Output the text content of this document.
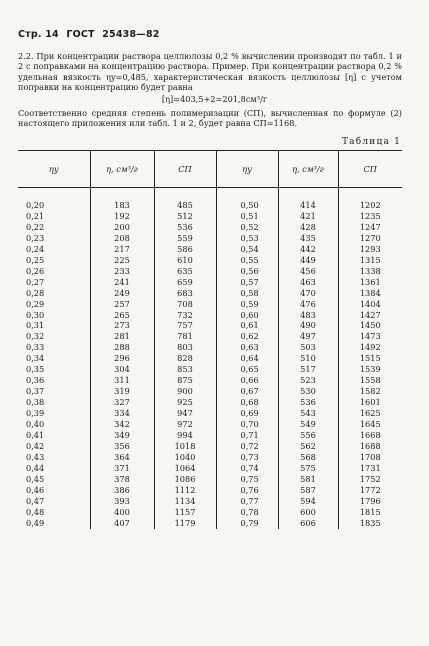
Стр. 14 ГОСТ 25438—82
2.2. При концентрации раствора целлюлозы 0,2 % вычислении производят по табл. 1 и 2 с поправками на концентрацию раствора. Пример. При концентрации раствора 0,2 % удельная вязкость ηу=0,485, характеристическая вязкость целлюлозы [η] с учетом поправки на концентрацию будет равна
[η]=403,5+2=201,8см³/г
Соответственно средняя степень полимеризации (СП), вычисленная по формуле (2) настоящего приложения или табл. 1 и 2, будет равна СП=1168.
Таблица 1
ηу	η, см³/г	СП	ηу	η, см³/г	СП
0,20	183	485	0,50	414	1202
0,21	192	512	0,51	421	1235
0,22	200	536	0,52	428	1247
0,23	208	559	0,53	435	1270
0,24	217	586	0,54	442	1293
0,25	225	610	0,55	449	1315
0,26	233	635	0,56	456	1338
0,27	241	659	0,57	463	1361
0,28	249	683	0,58	470	1384
0,29	257	708	0,59	476	1404
0,30	265	732	0,60	483	1427
0,31	273	757	0,61	490	1450
0,32	281	781	0,62	497	1473
0,33	288	803	0,63	503	1492
0,34	296	828	0,64	510	1515
0,35	304	853	0,65	517	1539
0,36	311	875	0,66	523	1558
0,37	319	900	0,67	530	1582
0,38	327	925	0,68	536	1601
0,39	334	947	0,69	543	1625
0,40	342	972	0,70	549	1645
0,41	349	994	0,71	556	1668
0,42	356	1018	0,72	562	1688
0,43	364	1040	0,73	568	1708
0,44	371	1064	0,74	575	1731
0,45	378	1086	0,75	581	1752
0,46	386	1112	0,76	587	1772
0,47	393	1134	0,77	594	1796
0,48	400	1157	0,78	600	1815
0,49	407	1179	0,79	606	1835
